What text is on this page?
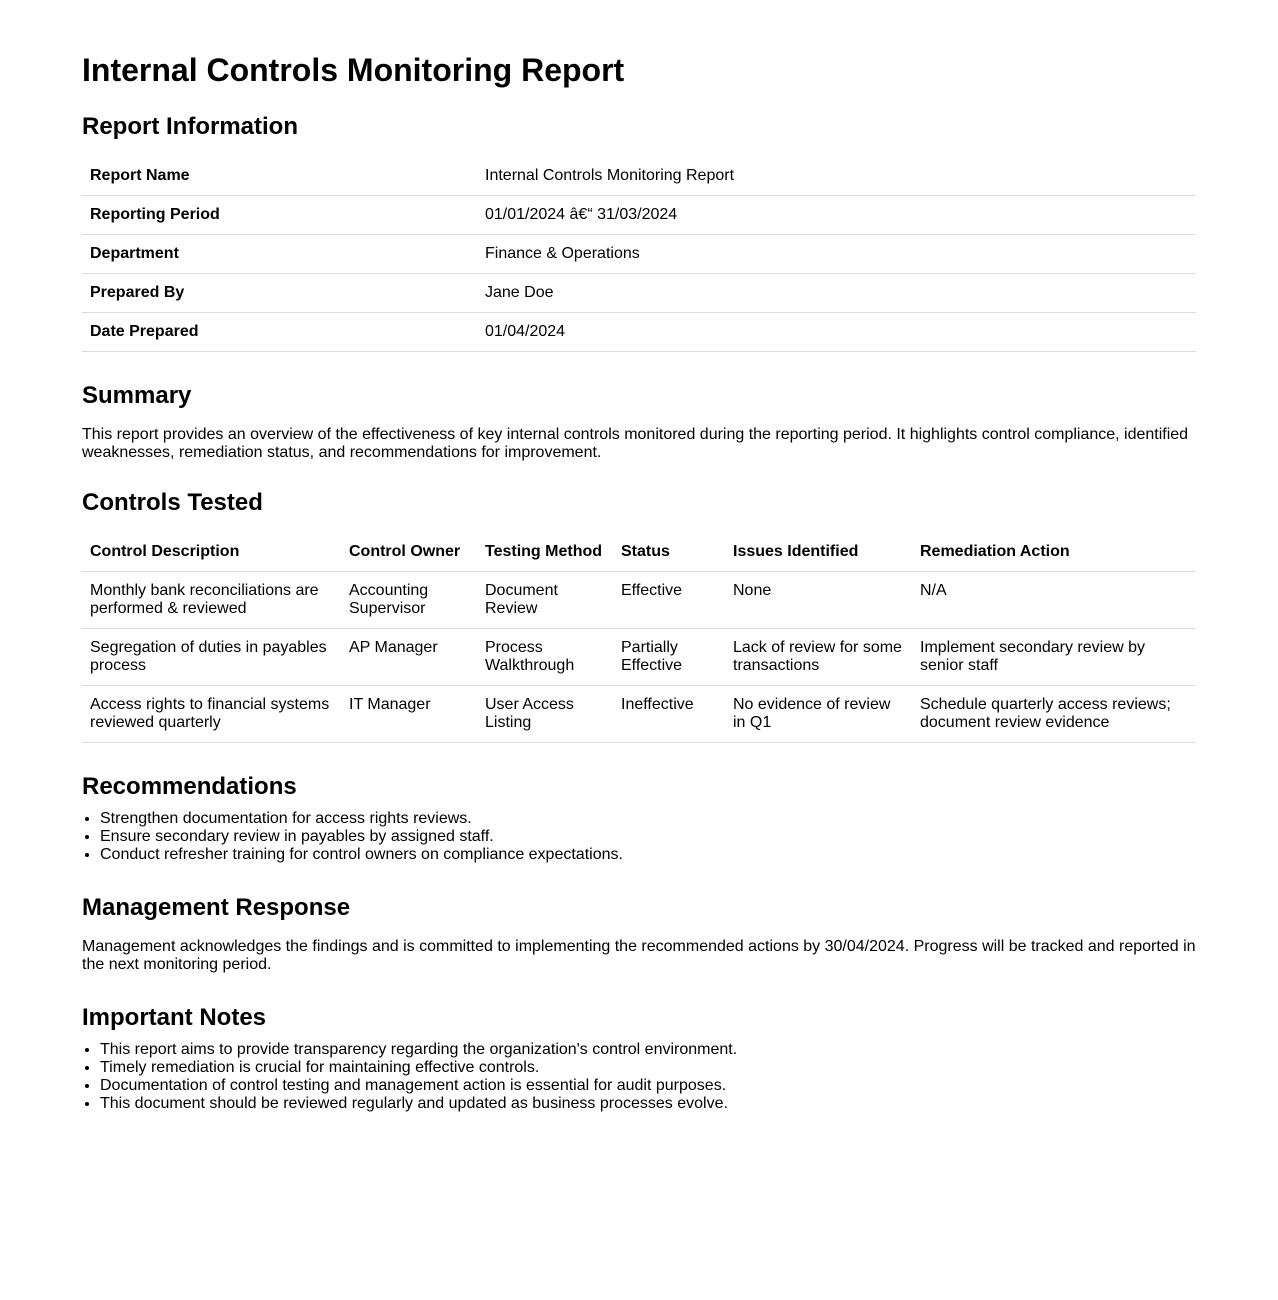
Internal Controls Monitoring Report
Report Information
Report Name	Internal Controls Monitoring Report
Reporting Period	01/01/2024 â€“ 31/03/2024
Department	Finance & Operations
Prepared By	Jane Doe
Date Prepared	01/04/2024
Summary

This report provides an overview of the effectiveness of key internal controls monitored during the reporting period. It highlights control compliance, identified weaknesses, remediation status, and recommendations for improvement.

Controls Tested
Control Description	Control Owner	Testing Method	Status	Issues Identified	Remediation Action
Monthly bank reconciliations are performed & reviewed	Accounting Supervisor	Document Review	Effective	None	N/A
Segregation of duties in payables process	AP Manager	Process Walkthrough	Partially Effective	Lack of review for some transactions	Implement secondary review by senior staff
Access rights to financial systems reviewed quarterly	IT Manager	User Access Listing	Ineffective	No evidence of review in Q1	Schedule quarterly access reviews; document review evidence
Recommendations
• Strengthen documentation for access rights reviews.
• Ensure secondary review in payables by assigned staff.
• Conduct refresher training for control owners on compliance expectations.
Management Response

Management acknowledges the findings and is committed to implementing the recommended actions by 30/04/2024. Progress will be tracked and reported in the next monitoring period.

Important Notes
• This report aims to provide transparency regarding the organization's control environment.
• Timely remediation is crucial for maintaining effective controls.
• Documentation of control testing and management action is essential for audit purposes.
• This document should be reviewed regularly and updated as business processes evolve.
